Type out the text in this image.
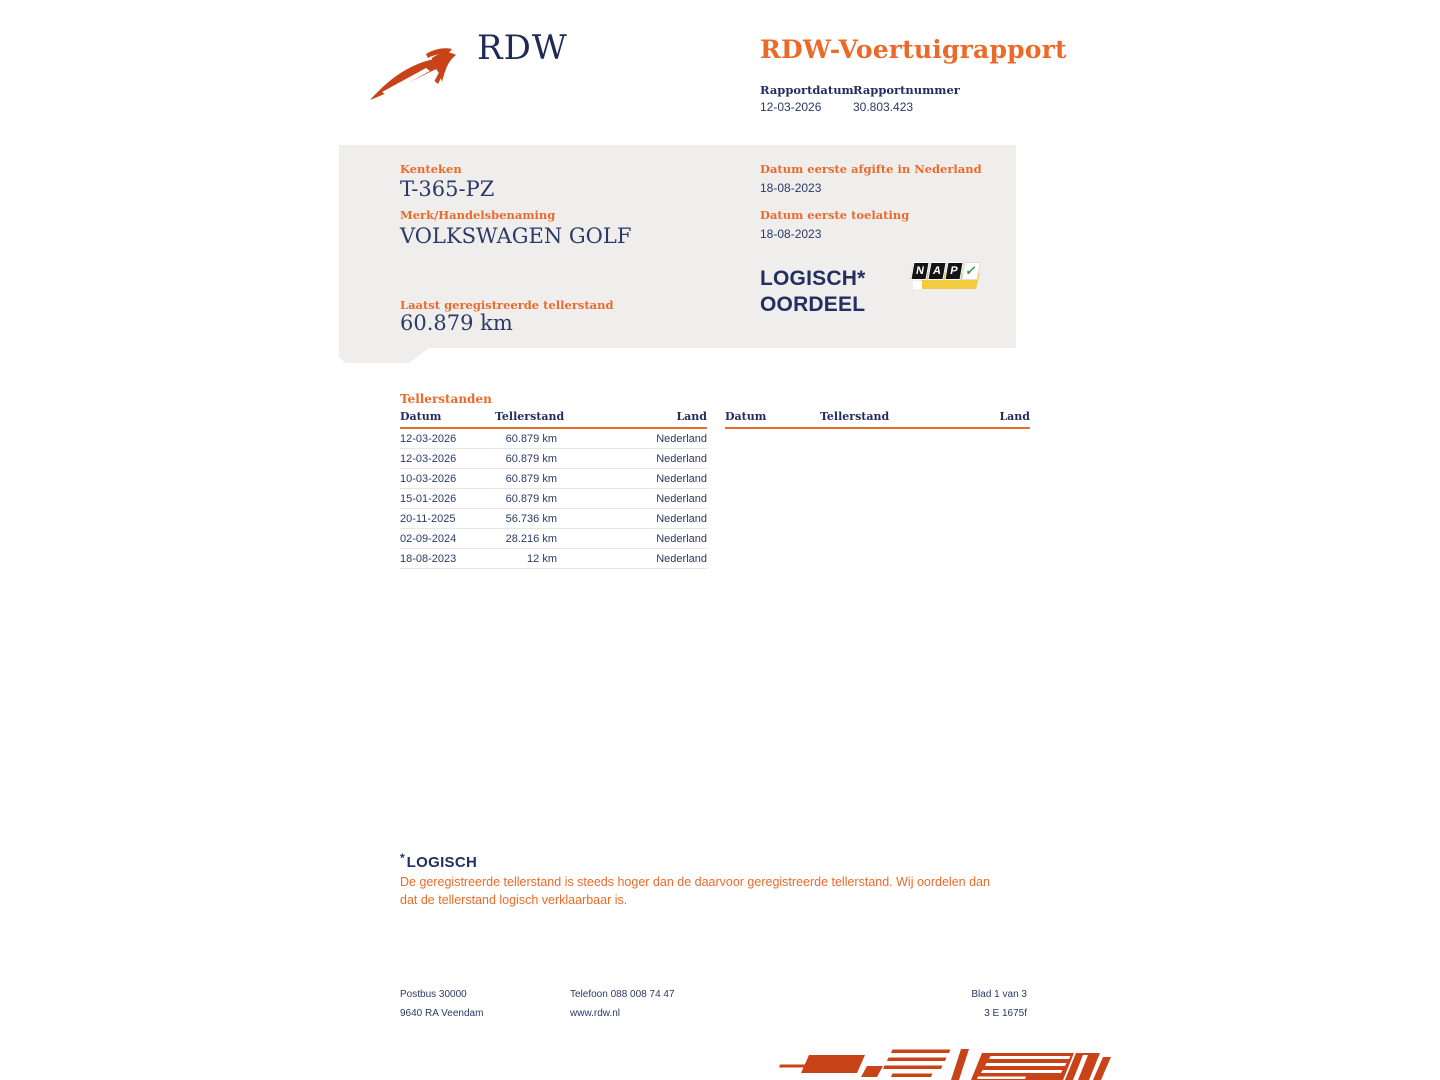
RDW	RDW-Voertuigrapport
Rapportdatum Rapportnummer
12-03-2026	30.803.423
Kenteken
T-365-PZ
Merk/Handelsbenaming
VOLKSWAGEN GOLF
Laatst geregistreerde tellerstand
60.879 km
Datum eerste afgifte in Nederland
18-08-2023
Datum eerste toelating
18-08-2023
LOGISCH*
OORDEEL
N A P ✓
Tellerstanden
Datum	Tellerstand	Land
12-03-2026	60.879 km	Nederland
12-03-2026	60.879 km	Nederland
10-03-2026	60.879 km	Nederland
15-01-2026	60.879 km	Nederland
20-11-2025	56.736 km	Nederland
02-09-2024	28.216 km	Nederland
18-08-2023	12 km	Nederland
Datum	Tellerstand	Land
* LOGISCH
De geregistreerde tellerstand is steeds hoger dan de daarvoor geregistreerde tellerstand. Wij oordelen dan dat de tellerstand logisch verklaarbaar is.
Postbus 30000
9640 RA Veendam
Telefoon 088 008 74 47
www.rdw.nl
Blad 1 van 3
3 E 1675f
